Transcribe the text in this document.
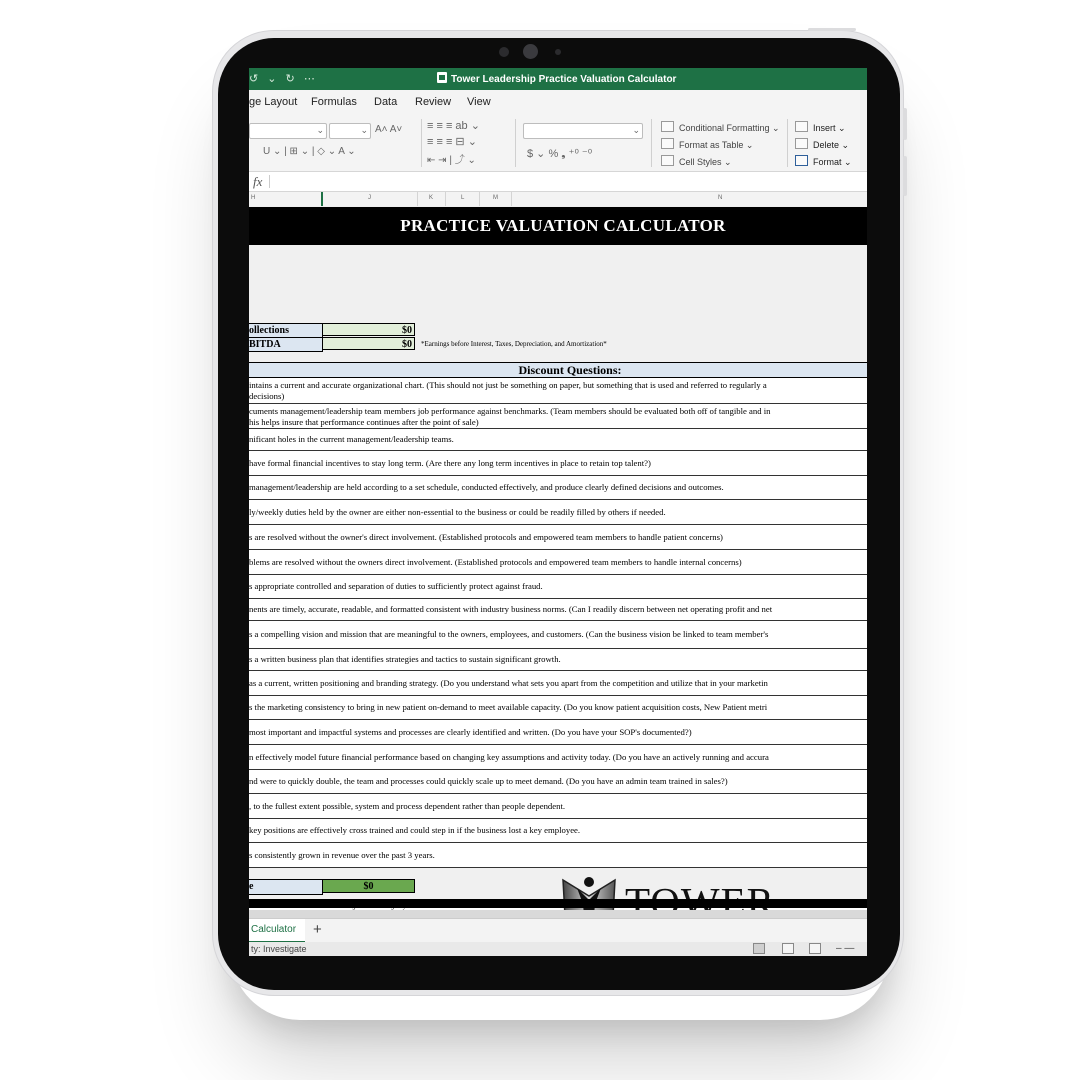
↺ ⌄ ↻ ⋯	Tower Leadership Practice Valuation Calculator
ge Layout Formulas Data Review View
⌄	⌄ A˄ A˅
U ⌄ | ⊞ ⌄ | ◇ ⌄ A ⌄
≡ ≡ ≡ ab ⌄
≡ ≡ ≡ ⊟ ⌄
⇤ ⇥ | ⤴ ⌄
⌄
$ ⌄ % ❟ ⁺⁰ ⁻⁰
Conditional Formatting ⌄
Format as Table ⌄
Cell Styles ⌄
Insert ⌄
Delete ⌄
Format ⌄
fx
H	J	K	L	M	N
PRACTICE VALUATION CALCULATOR
ollections	$0
BITDA	$0	*Earnings before Interest, Taxes, Depreciation, and Amortization*
Discount Questions:
intains a current and accurate organizational chart. (This should not just be something on paper, but something that is used and referred to regularly a
decisions)
cuments management/leadership team members job performance against benchmarks. (Team members should be evaluated both off of tangible and in
his helps insure that performance continues after the point of sale)
nificant holes in the current management/leadership teams.
have formal financial incentives to stay long term. (Are there any long term incentives in place to retain top talent?)
management/leadership are held according to a set schedule, conducted effectively, and produce clearly defined decisions and outcomes.
ly/weekly duties held by the owner are either non-essential to the business or could be readily filled by others if needed.
s are resolved without the owner's direct involvement. (Established protocols and empowered team members to handle patient concerns)
blems are resolved without the owners direct involvement. (Established protocols and empowered team members to handle internal concerns)
s appropriate controlled and separation of duties to sufficiently protect against fraud.
nents are timely, accurate, readable, and formatted consistent with industry business norms. (Can I readily discern between net operating profit and net
s a compelling vision and mission that are meaningful to the owners, employees, and customers. (Can the business vision be linked to team member's
s a written business plan that identifies strategies and tactics to sustain significant growth.
as a current, written positioning and branding strategy. (Do you understand what sets you apart from the competition and utilize that in your marketin
s the marketing consistency to bring in new patient on-demand to meet available capacity. (Do you know patient acquisition costs, New Patient metri
most important and impactful systems and processes are clearly identified and written. (Do you have your SOP's documented?)
n effectively model future financial performance based on changing key assumptions and activity today. (Do you have an actively running and accura
nd were to quickly double, the team and processes could quickly scale up to meet demand. (Do you have an admin team trained in sales?)
, to the fullest extent possible, system and process dependent rather than people dependent.
key positions are effectively cross trained and could step in if the business lost a key employee.
s consistently grown in revenue over the past 3 years.
e	$0
Calculator	+
ty: Investigate	– —
